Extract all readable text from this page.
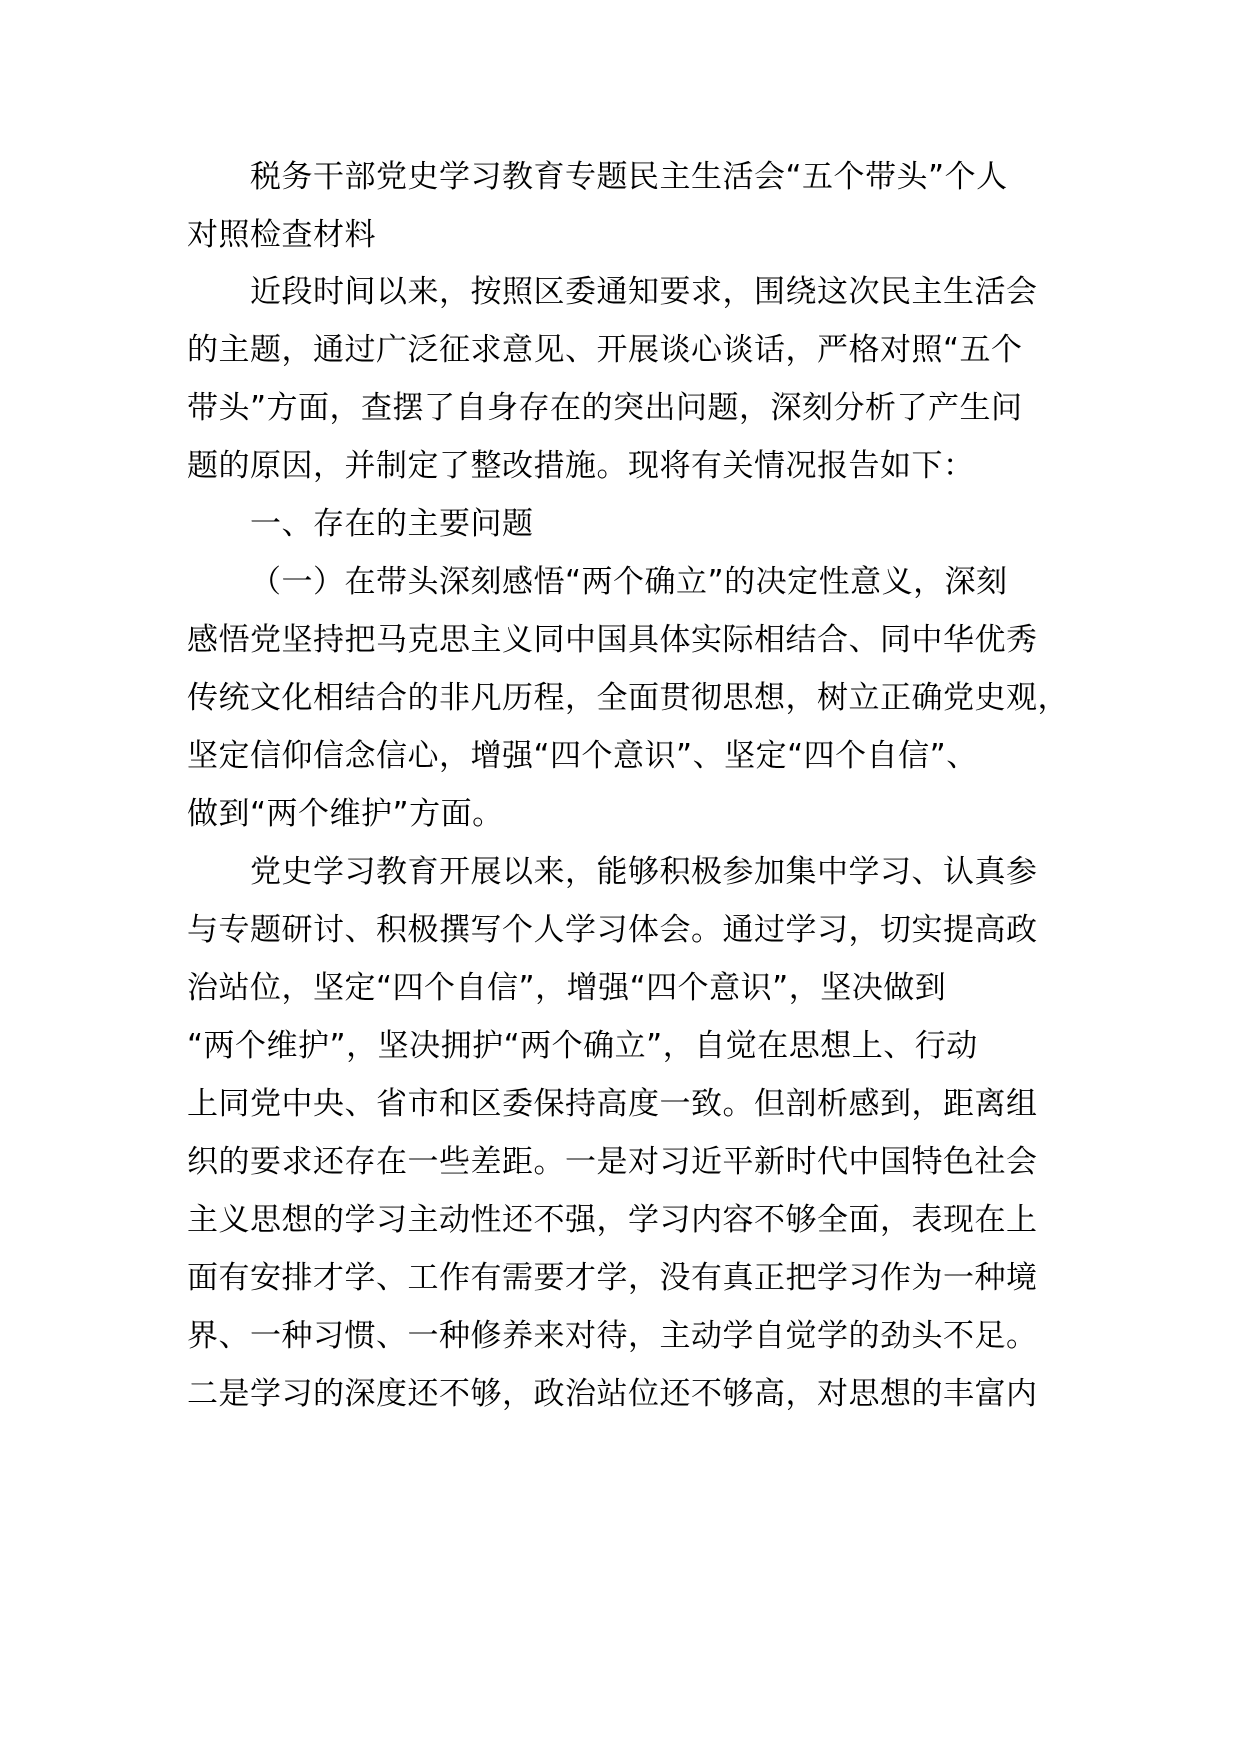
税务干部党史学习教育专题民主生活会“五个带头”个人
对照检查材料
近段时间以来，按照区委通知要求，围绕这次民主生活会
的主题，通过广泛征求意见、开展谈心谈话，严格对照“五个
带头”方面，查摆了自身存在的突出问题，深刻分析了产生问
题的原因，并制定了整改措施。现将有关情况报告如下：
一、存在的主要问题
（一）在带头深刻感悟“两个确立”的决定性意义，深刻
感悟党坚持把马克思主义同中国具体实际相结合、同中华优秀
传统文化相结合的非凡历程，全面贯彻思想，树立正确党史观，
坚定信仰信念信心，增强“四个意识”、坚定“四个自信”、
做到“两个维护”方面。
党史学习教育开展以来，能够积极参加集中学习、认真参
与专题研讨、积极撰写个人学习体会。通过学习，切实提高政
治站位，坚定“四个自信”，增强“四个意识”，坚决做到
“两个维护”，坚决拥护“两个确立”，自觉在思想上、行动
上同党中央、省市和区委保持高度一致。但剖析感到，距离组
织的要求还存在一些差距。一是对习近平新时代中国特色社会
主义思想的学习主动性还不强，学习内容不够全面，表现在上
面有安排才学、工作有需要才学，没有真正把学习作为一种境
界、一种习惯、一种修养来对待，主动学自觉学的劲头不足。
二是学习的深度还不够，政治站位还不够高，对思想的丰富内
